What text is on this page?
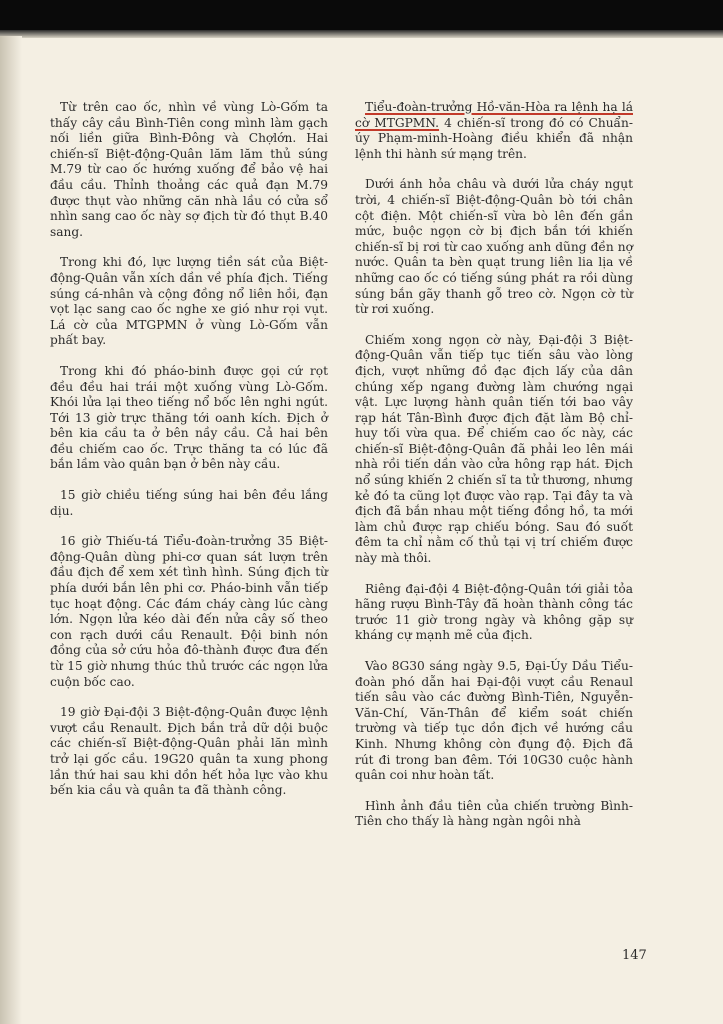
Từ trên cao ốc, nhìn về vùng Lò-Gốm ta thấy cây cầu Bình-Tiên cong mình làm gạch nối liền giữa Bình-Đông và Chợlớn. Hai chiến-sĩ Biệt-động-Quân lăm lăm thủ súng M.79 từ cao ốc hướng xuống để bảo vệ hai đầu cầu. Thỉnh thoảng các quả đạn M.79 được thụt vào những căn nhà lầu có cửa sổ nhìn sang cao ốc này sợ địch từ đó thụt B.40 sang.

Trong khi đó, lực lượng tiền sát của Biệt-động-Quân vẫn xích dần về phía địch. Tiếng súng cá-nhân và cộng đồng nổ liên hồi, đạn vọt lạc sang cao ốc nghe xe gió như rọi vụt. Lá cờ của MTGPMN ở vùng Lò-Gốm vẫn phất bay.

Trong khi đó pháo-binh được gọi cứ rọt đều đều hai trái một xuống vùng Lò-Gốm. Khói lửa lại theo tiếng nổ bốc lên nghi ngút. Tới 13 giờ trực thăng tới oanh kích. Địch ở bên kia cầu ta ở bên nầy cầu. Cả hai bên đều chiếm cao ốc. Trực thăng ta có lúc đã bắn lầm vào quân bạn ở bên này cầu.

15 giờ chiều tiếng súng hai bên đều lắng dịu.

16 giờ Thiếu-tá Tiểu-đoàn-trưởng 35 Biệt-động-Quân dùng phi-cơ quan sát lượn trên đầu địch để xem xét tình hình. Súng địch từ phía dưới bắn lên phi cơ. Pháo-binh vẫn tiếp tục hoạt động. Các đám cháy càng lúc càng lớn. Ngọn lửa kéo dài đến nửa cây số theo con rạch dưới cầu Renault. Đội binh nón đồng của sở cứu hỏa đô-thành được đưa đến từ 15 giờ nhưng thúc thủ trước các ngọn lửa cuộn bốc cao.

19 giờ Đại-đội 3 Biệt-động-Quân được lệnh vượt cầu Renault. Địch bắn trả dữ dội buộc các chiến-sĩ Biệt-động-Quân phải lăn mình trở lại gốc cầu. 19G20 quân ta xung phong lần thứ hai sau khi dồn hết hỏa lực vào khu bến kia cầu và quân ta đã thành công.

Tiểu-đoàn-trưởng Hồ-văn-Hòa ra lệnh hạ lá cờ MTGPMN. 4 chiến-sĩ trong đó có Chuẩn-úy Phạm-minh-Hoàng điều khiển đã nhận lệnh thi hành sứ mạng trên.

Dưới ánh hỏa châu và dưới lửa cháy ngụt trời, 4 chiến-sĩ Biệt-động-Quân bò tới chân cột điện. Một chiến-sĩ vừa bò lên đến gần mức, buộc ngọn cờ bị địch bắn tới khiến chiến-sĩ bị rơi từ cao xuống anh dũng đền nợ nước. Quân ta bèn quạt trung liên lia lịa về những cao ốc có tiếng súng phát ra rồi dùng súng bắn gãy thanh gỗ treo cờ. Ngọn cờ từ từ rơi xuống.

Chiếm xong ngọn cờ này, Đại-đội 3 Biệt-động-Quân vẫn tiếp tục tiến sâu vào lòng địch, vượt những đồ đạc địch lấy của dân chúng xếp ngang đường làm chướng ngại vật. Lực lượng hành quân tiến tới bao vây rạp hát Tân-Bình được địch đặt làm Bộ chỉ-huy tối vừa qua. Để chiếm cao ốc này, các chiến-sĩ Biệt-động-Quân đã phải leo lên mái nhà rồi tiến dần vào cửa hông rạp hát. Địch nổ súng khiến 2 chiến sĩ ta tử thương, nhưng kẻ đó ta cũng lọt được vào rạp. Tại đây ta và địch đã bắn nhau một tiếng đồng hồ, ta mới làm chủ được rạp chiếu bóng. Sau đó suốt đêm ta chỉ nằm cố thủ tại vị trí chiếm được này mà thôi.

Riêng đại-đội 4 Biệt-động-Quân tới giải tỏa hãng rượu Bình-Tây đã hoàn thành công tác trước 11 giờ trong ngày và không gặp sự kháng cự mạnh mẽ của địch.

Vào 8G30 sáng ngày 9.5, Đại-Úy Dầu Tiểu-đoàn phó dẫn hai Đại-đội vượt cầu Renaul tiến sâu vào các đường Bình-Tiên, Nguyễn-Văn-Chí, Văn-Thân để kiểm soát chiến trường và tiếp tục dồn địch về hướng cầu Kinh. Nhưng không còn đụng độ. Địch đã rút đi trong ban đêm. Tới 10G30 cuộc hành quân coi như hoàn tất.

Hình ảnh đầu tiên của chiến trường Bình-Tiên cho thấy là hàng ngàn ngôi nhà

147
